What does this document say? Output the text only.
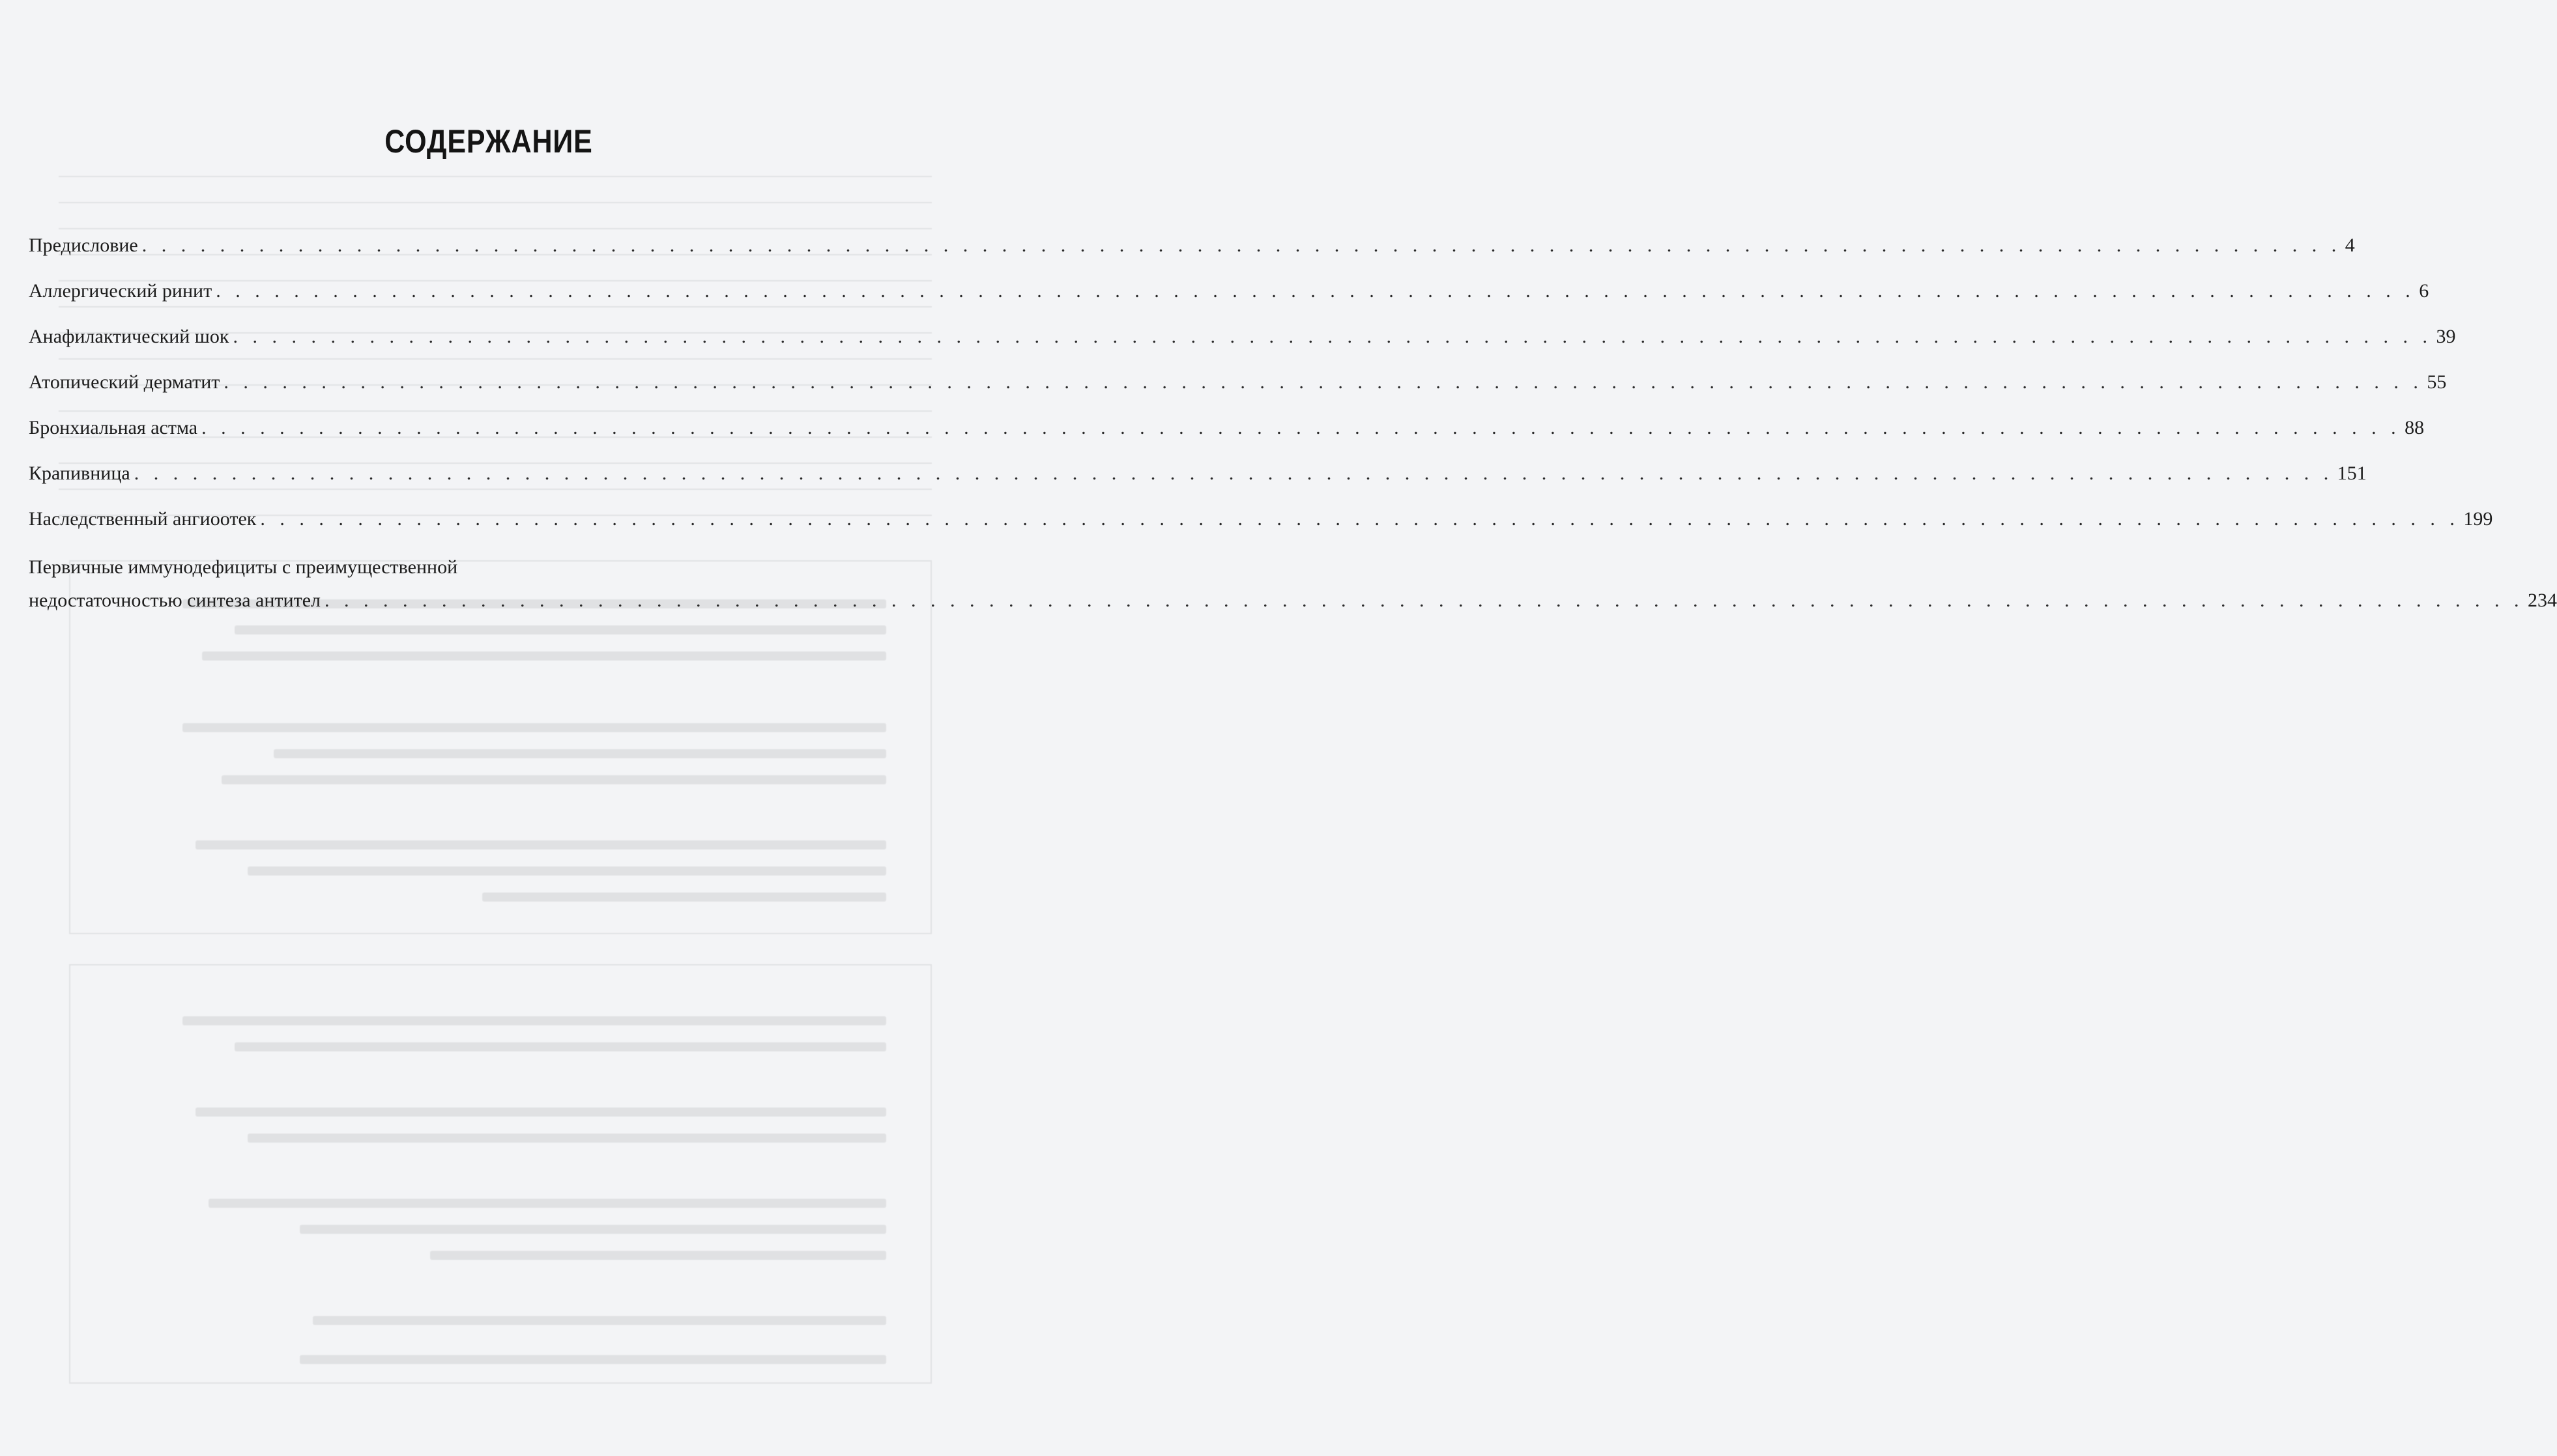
СОДЕРЖАНИЕ
Предисловие . . . . . . . . . . . . . . . . . . . . . . . . . . . . . . . . . . . . . . . . . . . . . . . . . . . . . . . . . . . . . . . . . . . . . . . . . . . . . . . . . . . . . . . . . . . . . . . . . . . . . . . . . . . . . . . . . 4
Аллергический ринит . . . . . . . . . . . . . . . . . . . . . . . . . . . . . . . . . . . . . . . . . . . . . . . . . . . . . . . . . . . . . . . . . . . . . . . . . . . . . . . . . . . . . . . . . . . . . . . . . . . . . . . . . . . . . . . . . 6
Анафилактический шок . . . . . . . . . . . . . . . . . . . . . . . . . . . . . . . . . . . . . . . . . . . . . . . . . . . . . . . . . . . . . . . . . . . . . . . . . . . . . . . . . . . . . . . . . . . . . . . . . . . . . . . . . . . . . . . . . 39
Атопический дерматит . . . . . . . . . . . . . . . . . . . . . . . . . . . . . . . . . . . . . . . . . . . . . . . . . . . . . . . . . . . . . . . . . . . . . . . . . . . . . . . . . . . . . . . . . . . . . . . . . . . . . . . . . . . . . . . . . 55
Бронхиальная астма . . . . . . . . . . . . . . . . . . . . . . . . . . . . . . . . . . . . . . . . . . . . . . . . . . . . . . . . . . . . . . . . . . . . . . . . . . . . . . . . . . . . . . . . . . . . . . . . . . . . . . . . . . . . . . . . . 88
Крапивница . . . . . . . . . . . . . . . . . . . . . . . . . . . . . . . . . . . . . . . . . . . . . . . . . . . . . . . . . . . . . . . . . . . . . . . . . . . . . . . . . . . . . . . . . . . . . . . . . . . . . . . . . . . . . . . . . 151
Наследственный ангиоотек . . . . . . . . . . . . . . . . . . . . . . . . . . . . . . . . . . . . . . . . . . . . . . . . . . . . . . . . . . . . . . . . . . . . . . . . . . . . . . . . . . . . . . . . . . . . . . . . . . . . . . . . . . . . . . . . . 199
Первичные иммунодефициты с преимущественной
недостаточностью синтеза антител . . . . . . . . . . . . . . . . . . . . . . . . . . . . . . . . . . . . . . . . . . . . . . . . . . . . . . . . . . . . . . . . . . . . . . . . . . . . . . . . . . . . . . . . . . . . . . . . . . . . . . . . . . . . . . . . . 234
